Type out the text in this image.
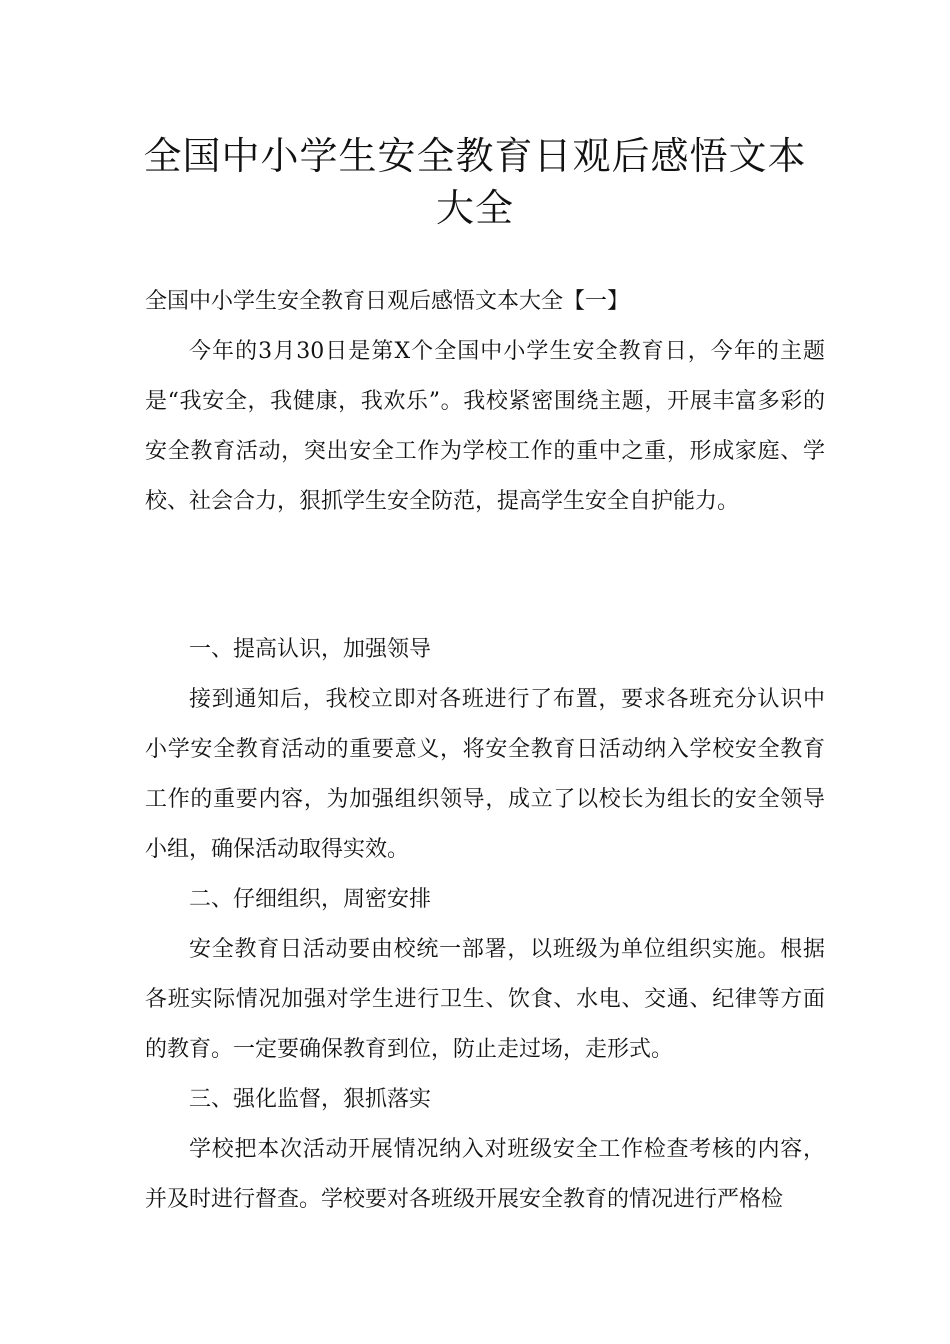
全国中小学生安全教育日观后感悟文本
大全

全国中小学生安全教育日观后感悟文本大全【一】

今年的3月30日是第X个全国中小学生安全教育日，今年的主题是“我安全，我健康，我欢乐”。我校紧密围绕主题，开展丰富多彩的安全教育活动，突出安全工作为学校工作的重中之重，形成家庭、学校、社会合力，狠抓学生安全防范，提高学生安全自护能力。

一、提高认识，加强领导

接到通知后，我校立即对各班进行了布置，要求各班充分认识中小学安全教育活动的重要意义，将安全教育日活动纳入学校安全教育工作的重要内容，为加强组织领导，成立了以校长为组长的安全领导小组，确保活动取得实效。

二、仔细组织，周密安排

安全教育日活动要由校统一部署，以班级为单位组织实施。根据各班实际情况加强对学生进行卫生、饮食、水电、交通、纪律等方面的教育。一定要确保教育到位，防止走过场，走形式。

三、强化监督，狠抓落实

学校把本次活动开展情况纳入对班级安全工作检查考核的内容，并及时进行督查。学校要对各班级开展安全教育的情况进行严格检
